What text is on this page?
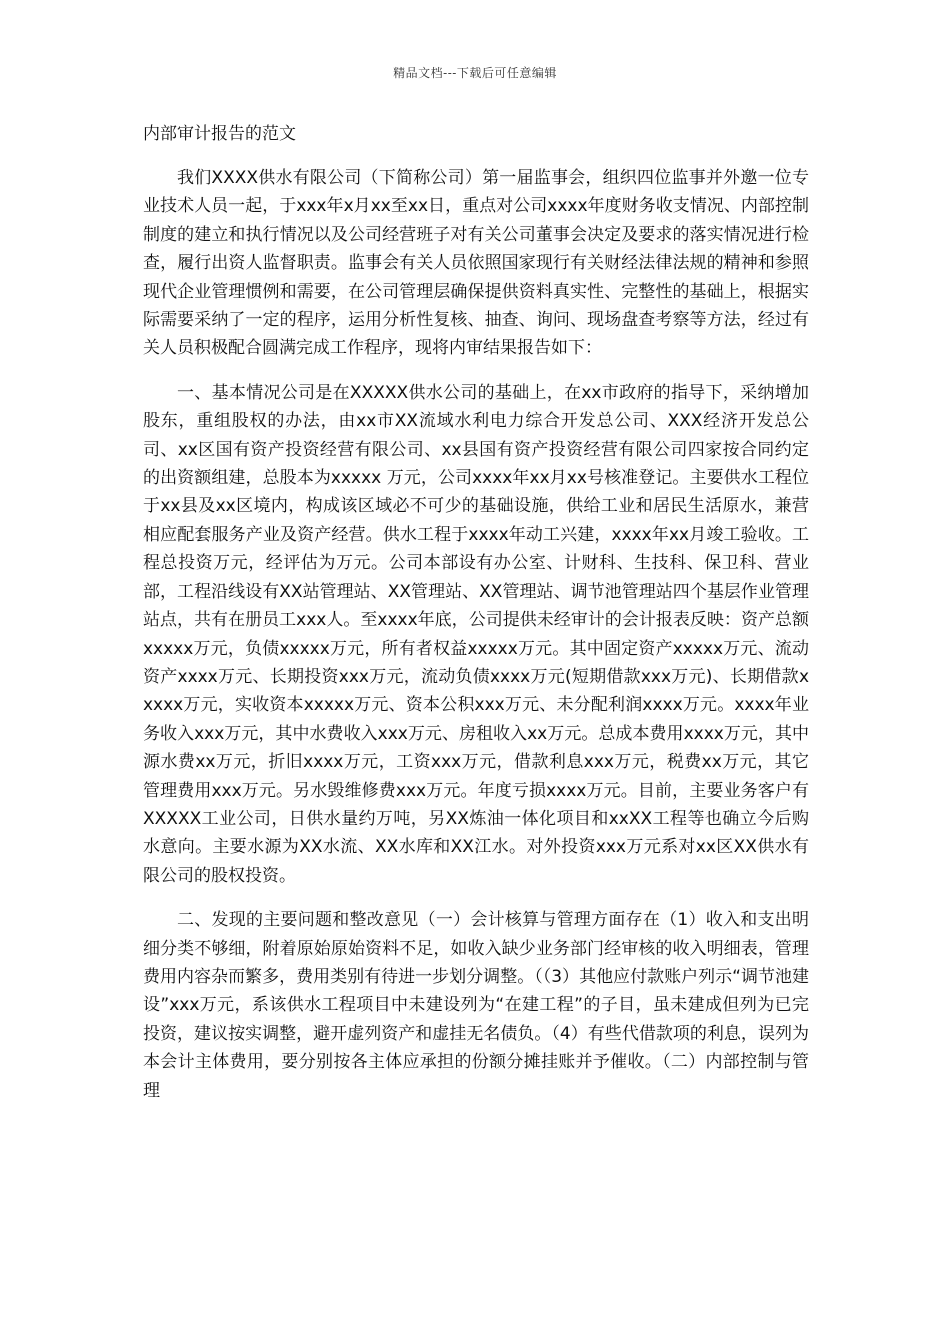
精品文档---下载后可任意编辑
内部审计报告的范文

我们XXXX供水有限公司（下简称公司）第一届监事会，组织四位监事并外邀一位专业技术人员一起，于xxx年x月xx至xx日，重点对公司xxxx年度财务收支情况、内部控制制度的建立和执行情况以及公司经营班子对有关公司董事会决定及要求的落实情况进行检查，履行出资人监督职责。监事会有关人员依照国家现行有关财经法律法规的精神和参照现代企业管理惯例和需要，在公司管理层确保提供资料真实性、完整性的基础上，根据实际需要采纳了一定的程序，运用分析性复核、抽查、询问、现场盘查考察等方法，经过有关人员积极配合圆满完成工作程序，现将内审结果报告如下：

一、基本情况公司是在XXXXX供水公司的基础上，在xx市政府的指导下，采纳增加股东，重组股权的办法，由xx市XX流域水利电力综合开发总公司、XXX经济开发总公司、xx区国有资产投资经营有限公司、xx县国有资产投资经营有限公司四家按合同约定的出资额组建，总股本为xxxxx 万元，公司xxxx年xx月xx号核准登记。主要供水工程位于xx县及xx区境内，构成该区域必不可少的基础设施，供给工业和居民生活原水，兼营相应配套服务产业及资产经营。供水工程于xxxx年动工兴建，xxxx年xx月竣工验收。工程总投资万元，经评估为万元。公司本部设有办公室、计财科、生技科、保卫科、营业部，工程沿线设有XX站管理站、XX管理站、XX管理站、调节池管理站四个基层作业管理站点，共有在册员工xxx人。至xxxx年底，公司提供未经审计的会计报表反映：资产总额xxxxx万元，负债xxxxx万元，所有者权益xxxxx万元。其中固定资产xxxxx万元、流动资产xxxx万元、长期投资xxx万元，流动负债xxxx万元(短期借款xxx万元)、长期借款xxxxx万元，实收资本xxxxx万元、资本公积xxx万元、未分配利润xxxx万元。xxxx年业务收入xxx万元，其中水费收入xxx万元、房租收入xx万元。总成本费用xxxx万元，其中源水费xx万元，折旧xxxx万元，工资xxx万元，借款利息xxx万元，税费xx万元，其它管理费用xxx万元。另水毁维修费xxx万元。年度亏损xxxx万元。目前，主要业务客户有XXXXX工业公司，日供水量约万吨，另XX炼油一体化项目和xxXX工程等也确立今后购水意向。主要水源为XX水流、XX水库和XX江水。对外投资xxx万元系对xx区XX供水有限公司的股权投资。

二、发现的主要问题和整改意见（一）会计核算与管理方面存在（1）收入和支出明细分类不够细，附着原始原始资料不足，如收入缺少业务部门经审核的收入明细表，管理费用内容杂而繁多，费用类别有待进一步划分调整。（（3）其他应付款账户列示“调节池建设”xxx万元，系该供水工程项目中未建设列为“在建工程”的子目，虽未建成但列为已完投资，建议按实调整，避开虚列资产和虚挂无名债负。（4）有些代借款项的利息，误列为本会计主体费用，要分别按各主体应承担的份额分摊挂账并予催收。（二）内部控制与管理
